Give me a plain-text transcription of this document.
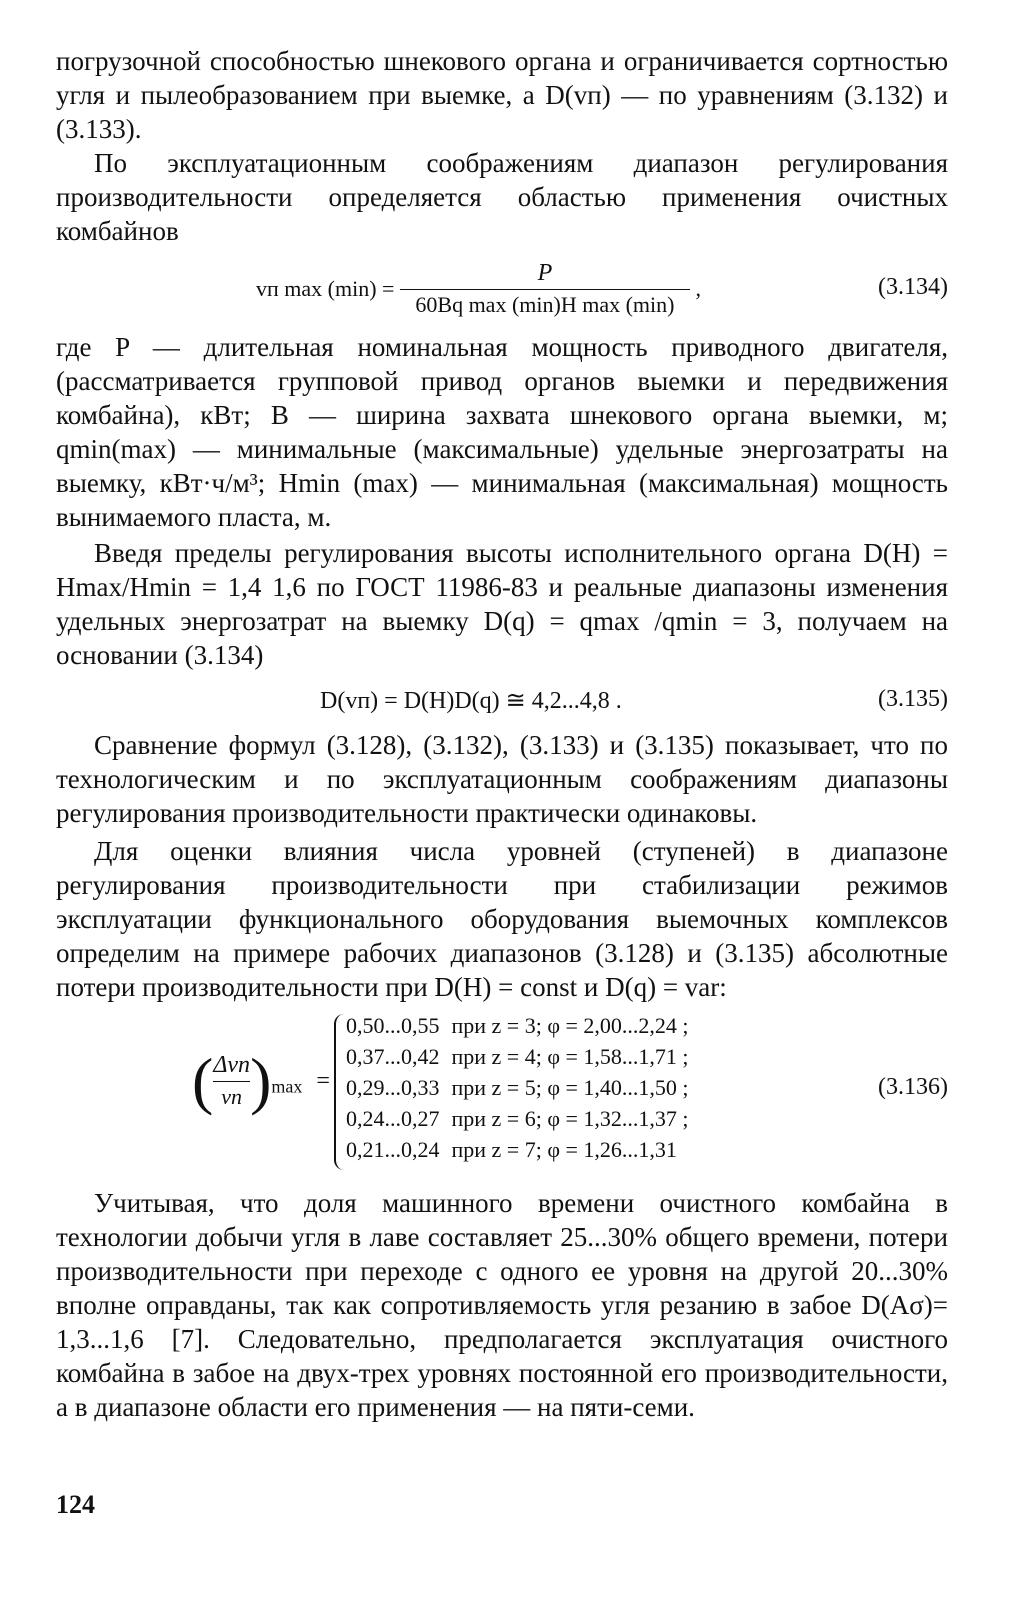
погрузочной способностью шнекового органа и ограничивается сортностью угля и пылеобразованием при выемке, а D(vп) — по уравнениям (3.132) и (3.133).

По эксплуатационным соображениям диапазон регулирования производительности определяется областью применения очистных комбайнов

vп $\max (\min) = \frac{P}{\text{60Bq max (min)H max (min)}}$ ,	(3.134)

где P — длительная номинальная мощность приводного двигателя, (рассматривается групповой привод органов выемки и передвижения комбайна), кВт; B — ширина захвата шнекового органа выемки, м; qmin(max) — минимальные (максимальные) удельные энергозатраты на выемку, кВт·ч/м³; Hmin (max) — минимальная (максимальная) мощность вынимаемого пласта, м.

Введя пределы регулирования высоты исполнительного органа D(H) = Hmax/Hmin = 1,4 1,6 по ГОСТ 11986-83 и реальные диапазоны изменения удельных энергозатрат на выемку D(q) = qmax /qmin = 3, получаем на основании (3.134)

D(vп) = D(H)D(q) ≅ 4,2...4,8 .	(3.135)

Сравнение формул (3.128), (3.132), (3.133) и (3.135) показывает, что по технологическим и по эксплуатационным соображениям диапазоны регулирования производительности практически одинаковы.

Для оценки влияния числа уровней (ступеней) в диапазоне регулирования производительности при стабилизации режимов эксплуатации функционального оборудования выемочных комплексов определим на примере рабочих диапазонов (3.128) и (3.135) абсолютные потери производительности при D(H) = const и D(q) = var:

( $\frac{\text{Δvп}}{vп} )_{max}$ =
0,50...0,55	при z = 3; φ = 2,00...2,24 ;
0,37...0,42	при z = 4; φ = 1,58...1,71 ;
0,29...0,33	при z = 5; φ = 1,40...1,50 ;
0,24...0,27	при z = 6; φ = 1,32...1,37 ;
0,21...0,24	при z = 7; φ = 1,26...1,31
(3.136)

Учитывая, что доля машинного времени очистного комбайна в технологии добычи угля в лаве составляет 25...30% общего времени, потери производительности при переходе с одного ее уровня на другой 20...30% вполне оправданы, так как сопротивляемость угля резанию в забое D(Aσ)= 1,3...1,6 [7]. Следовательно, предполагается эксплуатация очистного комбайна в забое на двух-трех уровнях постоянной его производительности, а в диапазоне области его применения — на пяти-семи.

124
